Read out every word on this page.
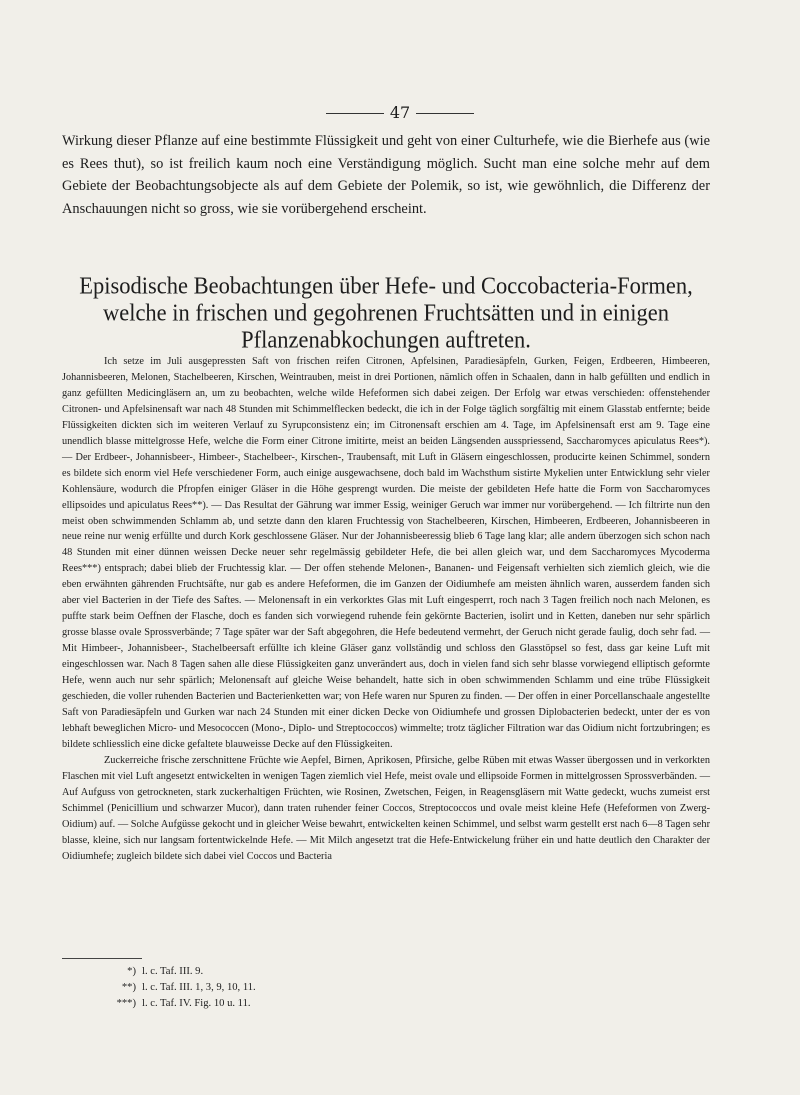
47
Wirkung dieser Pflanze auf eine bestimmte Flüssigkeit und geht von einer Culturhefe, wie die Bierhefe aus (wie es Rees thut), so ist freilich kaum noch eine Verständigung möglich. Sucht man eine solche mehr auf dem Gebiete der Beobachtungsobjecte als auf dem Gebiete der Polemik, so ist, wie gewöhnlich, die Differenz der Anschauungen nicht so gross, wie sie vorübergehend erscheint.
Episodische Beobachtungen über Hefe- und Coccobacteria-Formen, welche in frischen und gegohrenen Fruchtsätten und in einigen Pflanzenabkochungen auftreten.

Ich setze im Juli ausgepressten Saft von frischen reifen Citronen, Apfelsinen, Paradiesäpfeln, Gurken, Feigen, Erdbeeren, Himbeeren, Johannisbeeren, Melonen, Stachelbeeren, Kirschen, Weintrauben, meist in drei Portionen, nämlich offen in Schaalen, dann in halb gefüllten und endlich in ganz gefüllten Medicingläsern an, um zu beobachten, welche wilde Hefeformen sich dabei zeigen. Der Erfolg war etwas verschieden: offenstehender Citronen- und Apfelsinensaft war nach 48 Stunden mit Schimmelflecken bedeckt, die ich in der Folge täglich sorgfältig mit einem Glasstab entfernte; beide Flüssigkeiten dickten sich im weiteren Verlauf zu Syrupconsistenz ein; im Citronensaft erschien am 4. Tage, im Apfelsinensaft erst am 9. Tage eine unendlich blasse mittelgrosse Hefe, welche die Form einer Citrone imitirte, meist an beiden Längsenden aussprіessend, Saccharomyces apiculatus Rees*). — Der Erdbeer-, Johannisbeer-, Himbeer-, Stachelbeer-, Kirschen-, Traubensaft, mit Luft in Gläsern eingeschlossen, producirte keinen Schimmel, sondern es bildete sich enorm viel Hefe verschiedener Form, auch einige ausgewachsene, doch bald im Wachsthum sistirte Mykelien unter Entwicklung sehr vieler Kohlensäure, wodurch die Pfropfen einiger Gläser in die Höhe gesprengt wurden. Die meiste der gebildeten Hefe hatte die Form von Saccharomyces ellipsoides und apiculatus Rees**). — Das Resultat der Gährung war immer Essig, weiniger Geruch war immer nur vorübergehend. — Ich filtrirte nun den meist oben schwimmenden Schlamm ab, und setzte dann den klaren Fruchtessig von Stachelbeeren, Kirschen, Himbeeren, Erdbeeren, Johannisbeeren in neue reine nur wenig erfüllte und durch Kork geschlossene Gläser. Nur der Johannisbeeressig blieb 6 Tage lang klar; alle andern überzogen sich schon nach 48 Stunden mit einer dünnen weissen Decke neuer sehr regelmässig gebildeter Hefe, die bei allen gleich war, und dem Saccharomyces Mycoderma Rees***) entsprach; dabei blieb der Fruchtessig klar. — Der offen stehende Melonen-, Bananen- und Feigensaft verhielten sich ziemlich gleich, wie die eben erwähnten gährenden Fruchtsäfte, nur gab es andere Hefeformen, die im Ganzen der Oidiumhefe am meisten ähnlich waren, ausserdem fanden sich aber viel Bacterien in der Tiefe des Saftes. — Melonensaft in ein verkorktes Glas mit Luft eingesperrt, roch nach 3 Tagen freilich noch nach Melonen, es puffte stark beim Oeffnen der Flasche, doch es fanden sich vorwiegend ruhende fein gekörnte Bacterien, isolirt und in Ketten, daneben nur sehr spärlich grosse blasse ovale Sprossverbände; 7 Tage später war der Saft abgegohren, die Hefe bedeutend vermehrt, der Geruch nicht gerade faulig, doch sehr fad. — Mit Himbeer-, Johannisbeer-, Stachelbeersaft erfüllte ich kleine Gläser ganz vollständig und schloss den Glasstöpsel so fest, dass gar keine Luft mit eingeschlossen war. Nach 8 Tagen sahen alle diese Flüssigkeiten ganz unverändert aus, doch in vielen fand sich sehr blasse vorwiegend elliptisch geformte Hefe, wenn auch nur sehr spärlich; Melonensaft auf gleiche Weise behandelt, hatte sich in oben schwimmenden Schlamm und eine trübe Flüssigkeit geschieden, die voller ruhenden Bacterien und Bacterienketten war; von Hefe waren nur Spuren zu finden. — Der offen in einer Porcellanschaale angestellte Saft von Paradiesäpfeln und Gurken war nach 24 Stunden mit einer dicken Decke von Oidiumhefe und grossen Diplobacterien bedeckt, unter der es von lebhaft beweglichen Micro- und Mesococcen (Mono-, Diplo- und Streptococcos) wimmelte; trotz täglicher Filtration war das Oidium nicht fortzubringen; es bildete schliesslich eine dicke gefaltete blauweisse Decke auf den Flüssigkeiten.

Zuckerreiche frische zerschnittene Früchte wie Aepfel, Birnen, Aprikosen, Pfirsiche, gelbe Rüben mit etwas Wasser übergossen und in verkorkten Flaschen mit viel Luft angesetzt entwickelten in wenigen Tagen ziemlich viel Hefe, meist ovale und ellipsoide Formen in mittelgrossen Sprossverbänden. — Auf Aufguss von getrockneten, stark zuckerhaltigen Früchten, wie Rosinen, Zwetschen, Feigen, in Reagensgläsern mit Watte gedeckt, wuchs zumeist erst Schimmel (Penicillium und schwarzer Mucor), dann traten ruhender feiner Coccos, Streptococcos und ovale meist kleine Hefe (Hefeformen von Zwerg-Oidium) auf. — Solche Aufgüsse gekocht und in gleicher Weise bewahrt, entwickelten keinen Schimmel, und selbst warm gestellt erst nach 6—8 Tagen sehr blasse, kleine, sich nur langsam fortentwickelnde Hefe. — Mit Milch angesetzt trat die Hefe-Entwickelung früher ein und hatte deutlich den Charakter der Oidiumhefe; zugleich bildete sich dabei viel Coccos und Bacteria

*) l. c. Taf. III. 9.
**) l. c. Taf. III. 1, 3, 9, 10, 11.
***) l. c. Taf. IV. Fig. 10 u. 11.
